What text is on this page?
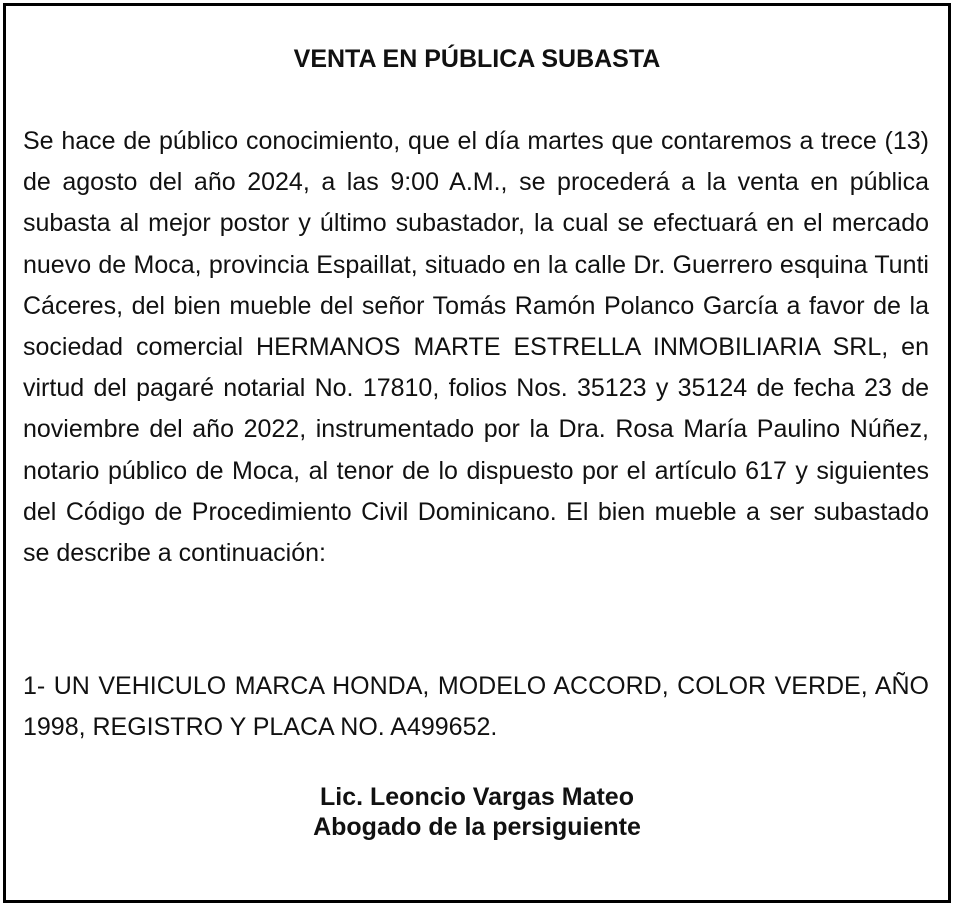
VENTA EN PÚBLICA SUBASTA

Se hace de público conocimiento, que el día martes que contaremos a trece (13) de agosto del año 2024, a las 9:00 A.M., se procederá a la venta en pública subasta al mejor postor y último subastador, la cual se efectuará en el mercado nuevo de Moca, provincia Espaillat, situado en la calle Dr. Guerrero esquina Tunti Cáceres, del bien mueble del señor Tomás Ramón Polanco García a favor de la sociedad comercial HERMANOS MARTE ESTRELLA INMOBILIARIA SRL, en virtud del pagaré notarial No. 17810, folios Nos. 35123 y 35124 de fecha 23 de noviembre del año 2022, instrumentado por la Dra. Rosa María Paulino Núñez, notario público de Moca, al tenor de lo dispuesto por el artículo 617 y siguientes del Código de Procedimiento Civil Dominicano. El bien mueble a ser subastado se describe a continuación:

1- UN VEHICULO MARCA HONDA, MODELO ACCORD, COLOR VERDE, AÑO 1998, REGISTRO Y PLACA NO. A499652.

Lic. Leoncio Vargas Mateo
Abogado de la persiguiente
